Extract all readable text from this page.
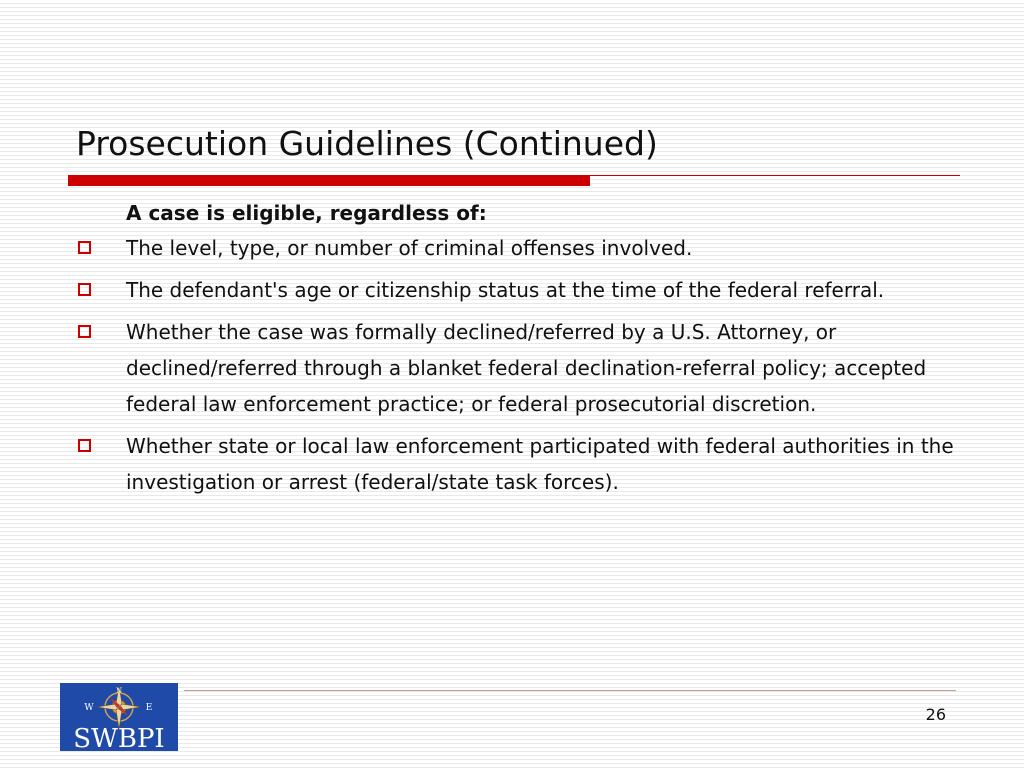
Prosecution Guidelines (Continued)

A case is eligible, regardless of:

The level, type, or number of criminal offenses involved.
The defendant's age or citizenship status at the time of the federal referral.
Whether the case was formally declined/referred by a U.S. Attorney, or declined/referred through a blanket federal declination-referral policy; accepted federal law enforcement practice; or federal prosecutorial discretion.
Whether state or local law enforcement participated with federal authorities in the investigation or arrest (federal/state task forces).
N
W	E
SWBPI
26
